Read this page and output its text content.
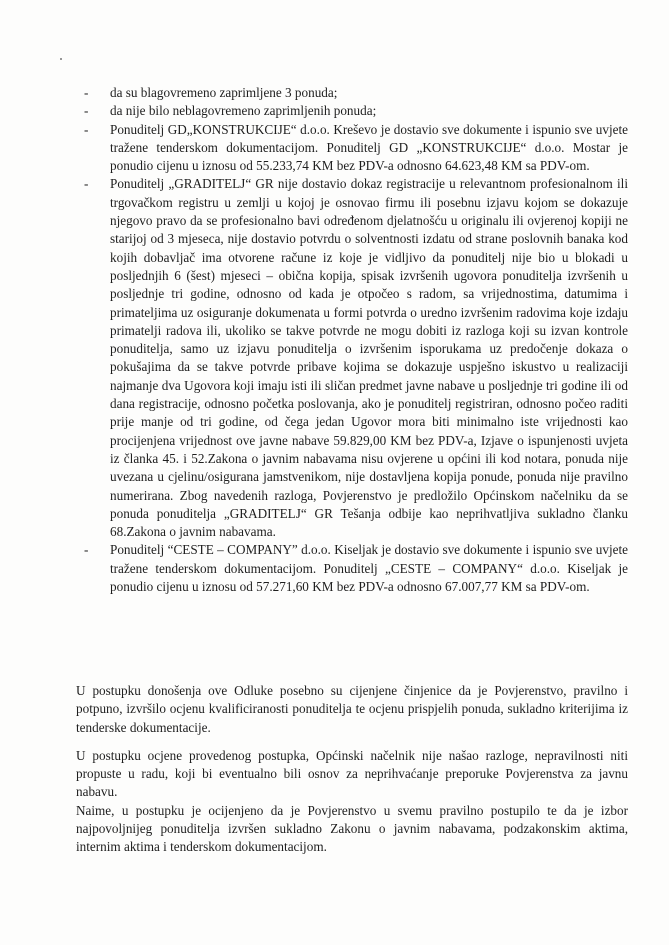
- da su blagovremeno zaprimljene 3 ponuda;
- da nije bilo neblagovremeno zaprimljenih ponuda;
- Ponuditelj GD„KONSTRUKCIJE“ d.o.o. Kreševo je dostavio sve dokumente i ispunio sve uvjete tražene tenderskom dokumentacijom. Ponuditelj GD „KONSTRUKCIJE“ d.o.o. Mostar je ponudio cijenu u iznosu od 55.233,74 KM bez PDV-a odnosno 64.623,48 KM sa PDV-om.
- Ponuditelj „GRADITELJ“ GR nije dostavio dokaz registracije u relevantnom profesionalnom ili trgovačkom registru u zemlji u kojoj je osnovao firmu ili posebnu izjavu kojom se dokazuje njegovo pravo da se profesionalno bavi određenom djelatnošću u originalu ili ovjerenoj kopiji ne starijoj od 3 mjeseca, nije dostavio potvrdu o solventnosti izdatu od strane poslovnih banaka kod kojih dobavljač ima otvorene račune iz koje je vidljivo da ponuditelj nije bio u blokadi u posljednjih 6 (šest) mjeseci – obična kopija, spisak izvršenih ugovora ponuditelja izvršenih u posljednje tri godine, odnosno od kada je otpočeo s radom, sa vrijednostima, datumima i primateljima uz osiguranje dokumenata u formi potvrda o uredno izvršenim radovima koje izdaju primatelji radova ili, ukoliko se takve potvrde ne mogu dobiti iz razloga koji su izvan kontrole ponuditelja, samo uz izjavu ponuditelja o izvršenim isporukama uz predočenje dokaza o pokušajima da se takve potvrde pribave kojima se dokazuje uspješno iskustvo u realizaciji najmanje dva Ugovora koji imaju isti ili sličan predmet javne nabave u posljednje tri godine ili od dana registracije, odnosno početka poslovanja, ako je ponuditelj registriran, odnosno počeo raditi prije manje od tri godine, od čega jedan Ugovor mora biti minimalno iste vrijednosti kao procijenjena vrijednost ove javne nabave 59.829,00 KM bez PDV-a, Izjave o ispunjenosti uvjeta iz članka 45. i 52.Zakona o javnim nabavama nisu ovjerene u općini ili kod notara, ponuda nije uvezana u cjelinu/osigurana jamstvenikom, nije dostavljena kopija ponude, ponuda nije pravilno numerirana. Zbog navedenih razloga, Povjerenstvo je predložilo Općinskom načelniku da se ponuda ponuditelja „GRADITELJ“ GR Tešanja odbije kao neprihvatljiva sukladno članku 68.Zakona o javnim nabavama.
- Ponuditelj “CESTE – COMPANY” d.o.o. Kiseljak je dostavio sve dokumente i ispunio sve uvjete tražene tenderskom dokumentacijom. Ponuditelj „CESTE – COMPANY“ d.o.o. Kiseljak je ponudio cijenu u iznosu od 57.271,60 KM bez PDV-a odnosno 67.007,77 KM sa PDV-om.

U postupku donošenja ove Odluke posebno su cijenjene činjenice da je Povjerenstvo, pravilno i potpuno, izvršilo ocjenu kvalificiranosti ponuditelja te ocjenu prispjelih ponuda, sukladno kriterijima iz tenderske dokumentacije.

U postupku ocjene provedenog postupka, Općinski načelnik nije našao razloge, nepravilnosti niti propuste u radu, koji bi eventualno bili osnov za neprihvaćanje preporuke Povjerenstva za javnu nabavu.

Naime, u postupku je ocijenjeno da je Povjerenstvo u svemu pravilno postupilo te da je izbor najpovoljnijeg ponuditelja izvršen sukladno Zakonu o javnim nabavama, podzakonskim aktima, internim aktima i tenderskom dokumentacijom.
